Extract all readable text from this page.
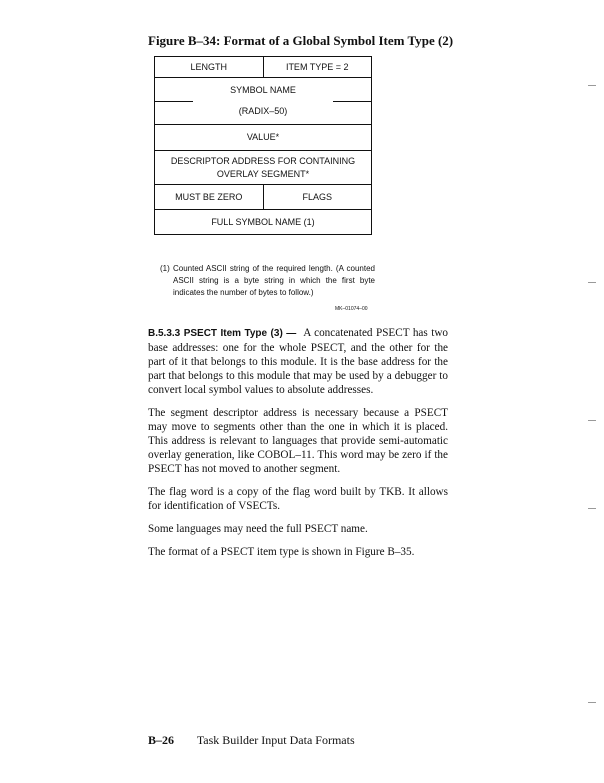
Figure B–34: Format of a Global Symbol Item Type (2)
LENGTH	ITEM TYPE = 2
SYMBOL NAME
(RADIX–50)
VALUE*
DESCRIPTOR ADDRESS FOR CONTAINING
OVERLAY SEGMENT*
MUST BE ZERO	FLAGS
FULL SYMBOL NAME (1)
(1) Counted ASCII string of the required length. (A counted ASCII string is a byte string in which the first byte indicates the number of bytes to follow.)
MK–01074–00

B.5.3.3 PSECT Item Type (3) — A concatenated PSECT has two base addresses: one for the whole PSECT, and the other for the part of it that belongs to this module. It is the base address for the part that belongs to this module that may be used by a debugger to convert local symbol values to absolute addresses.

The segment descriptor address is necessary because a PSECT may move to segments other than the one in which it is placed. This address is relevant to languages that provide semi-automatic overlay generation, like COBOL–11. This word may be zero if the PSECT has not moved to another segment.

The flag word is a copy of the flag word built by TKB. It allows for identification of VSECTs.

Some languages may need the full PSECT name.

The format of a PSECT item type is shown in Figure B–35.

B–26 Task Builder Input Data Formats
